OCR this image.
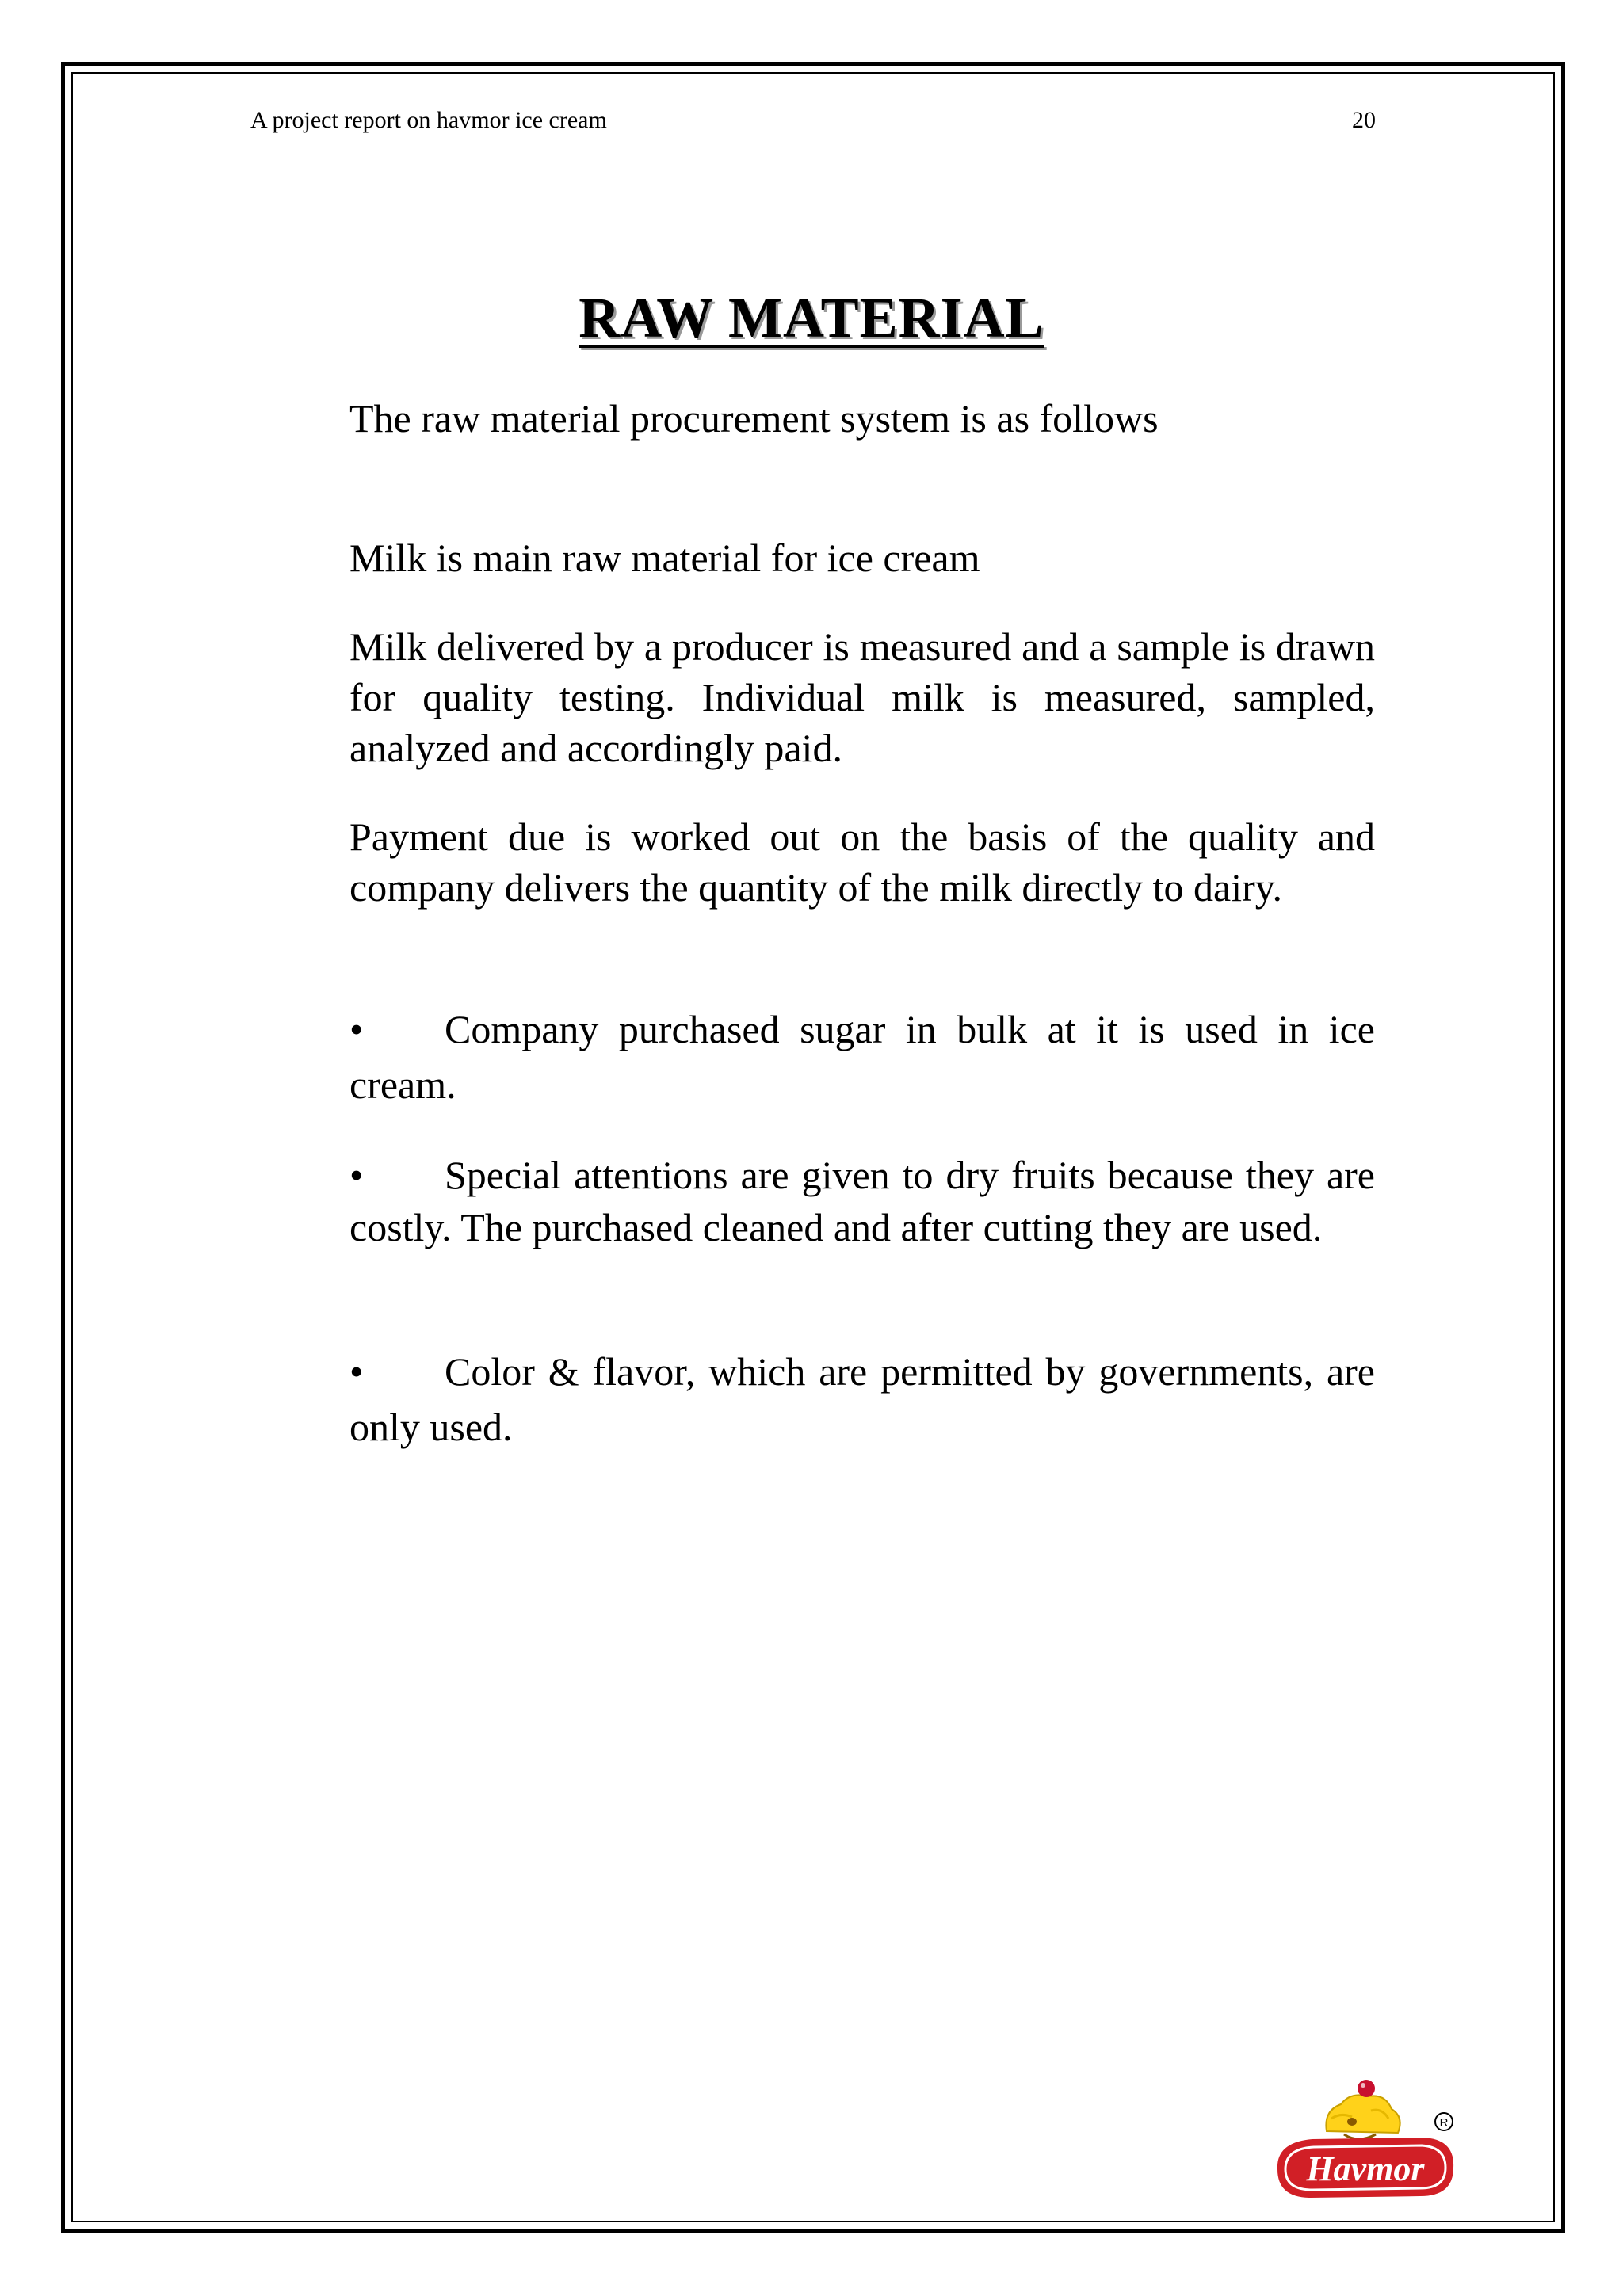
A project report on havmor ice cream	20
RAW MATERIAL

The raw material procurement system is as follows

Milk is main raw material for ice cream

Milk delivered by a producer is measured and a sample is drawn for quality testing. Individual milk is measured, sampled, analyzed and accordingly paid.

Payment due is worked out on the basis of the quality and company delivers the quantity of the milk directly to dairy.

• Company purchased sugar in bulk at it is used in ice cream.

• Special attentions are given to dry fruits because they are costly. The purchased cleaned and after cutting they are used.

• Color & flavor, which are permitted by governments, are only used.

Havmor
R
